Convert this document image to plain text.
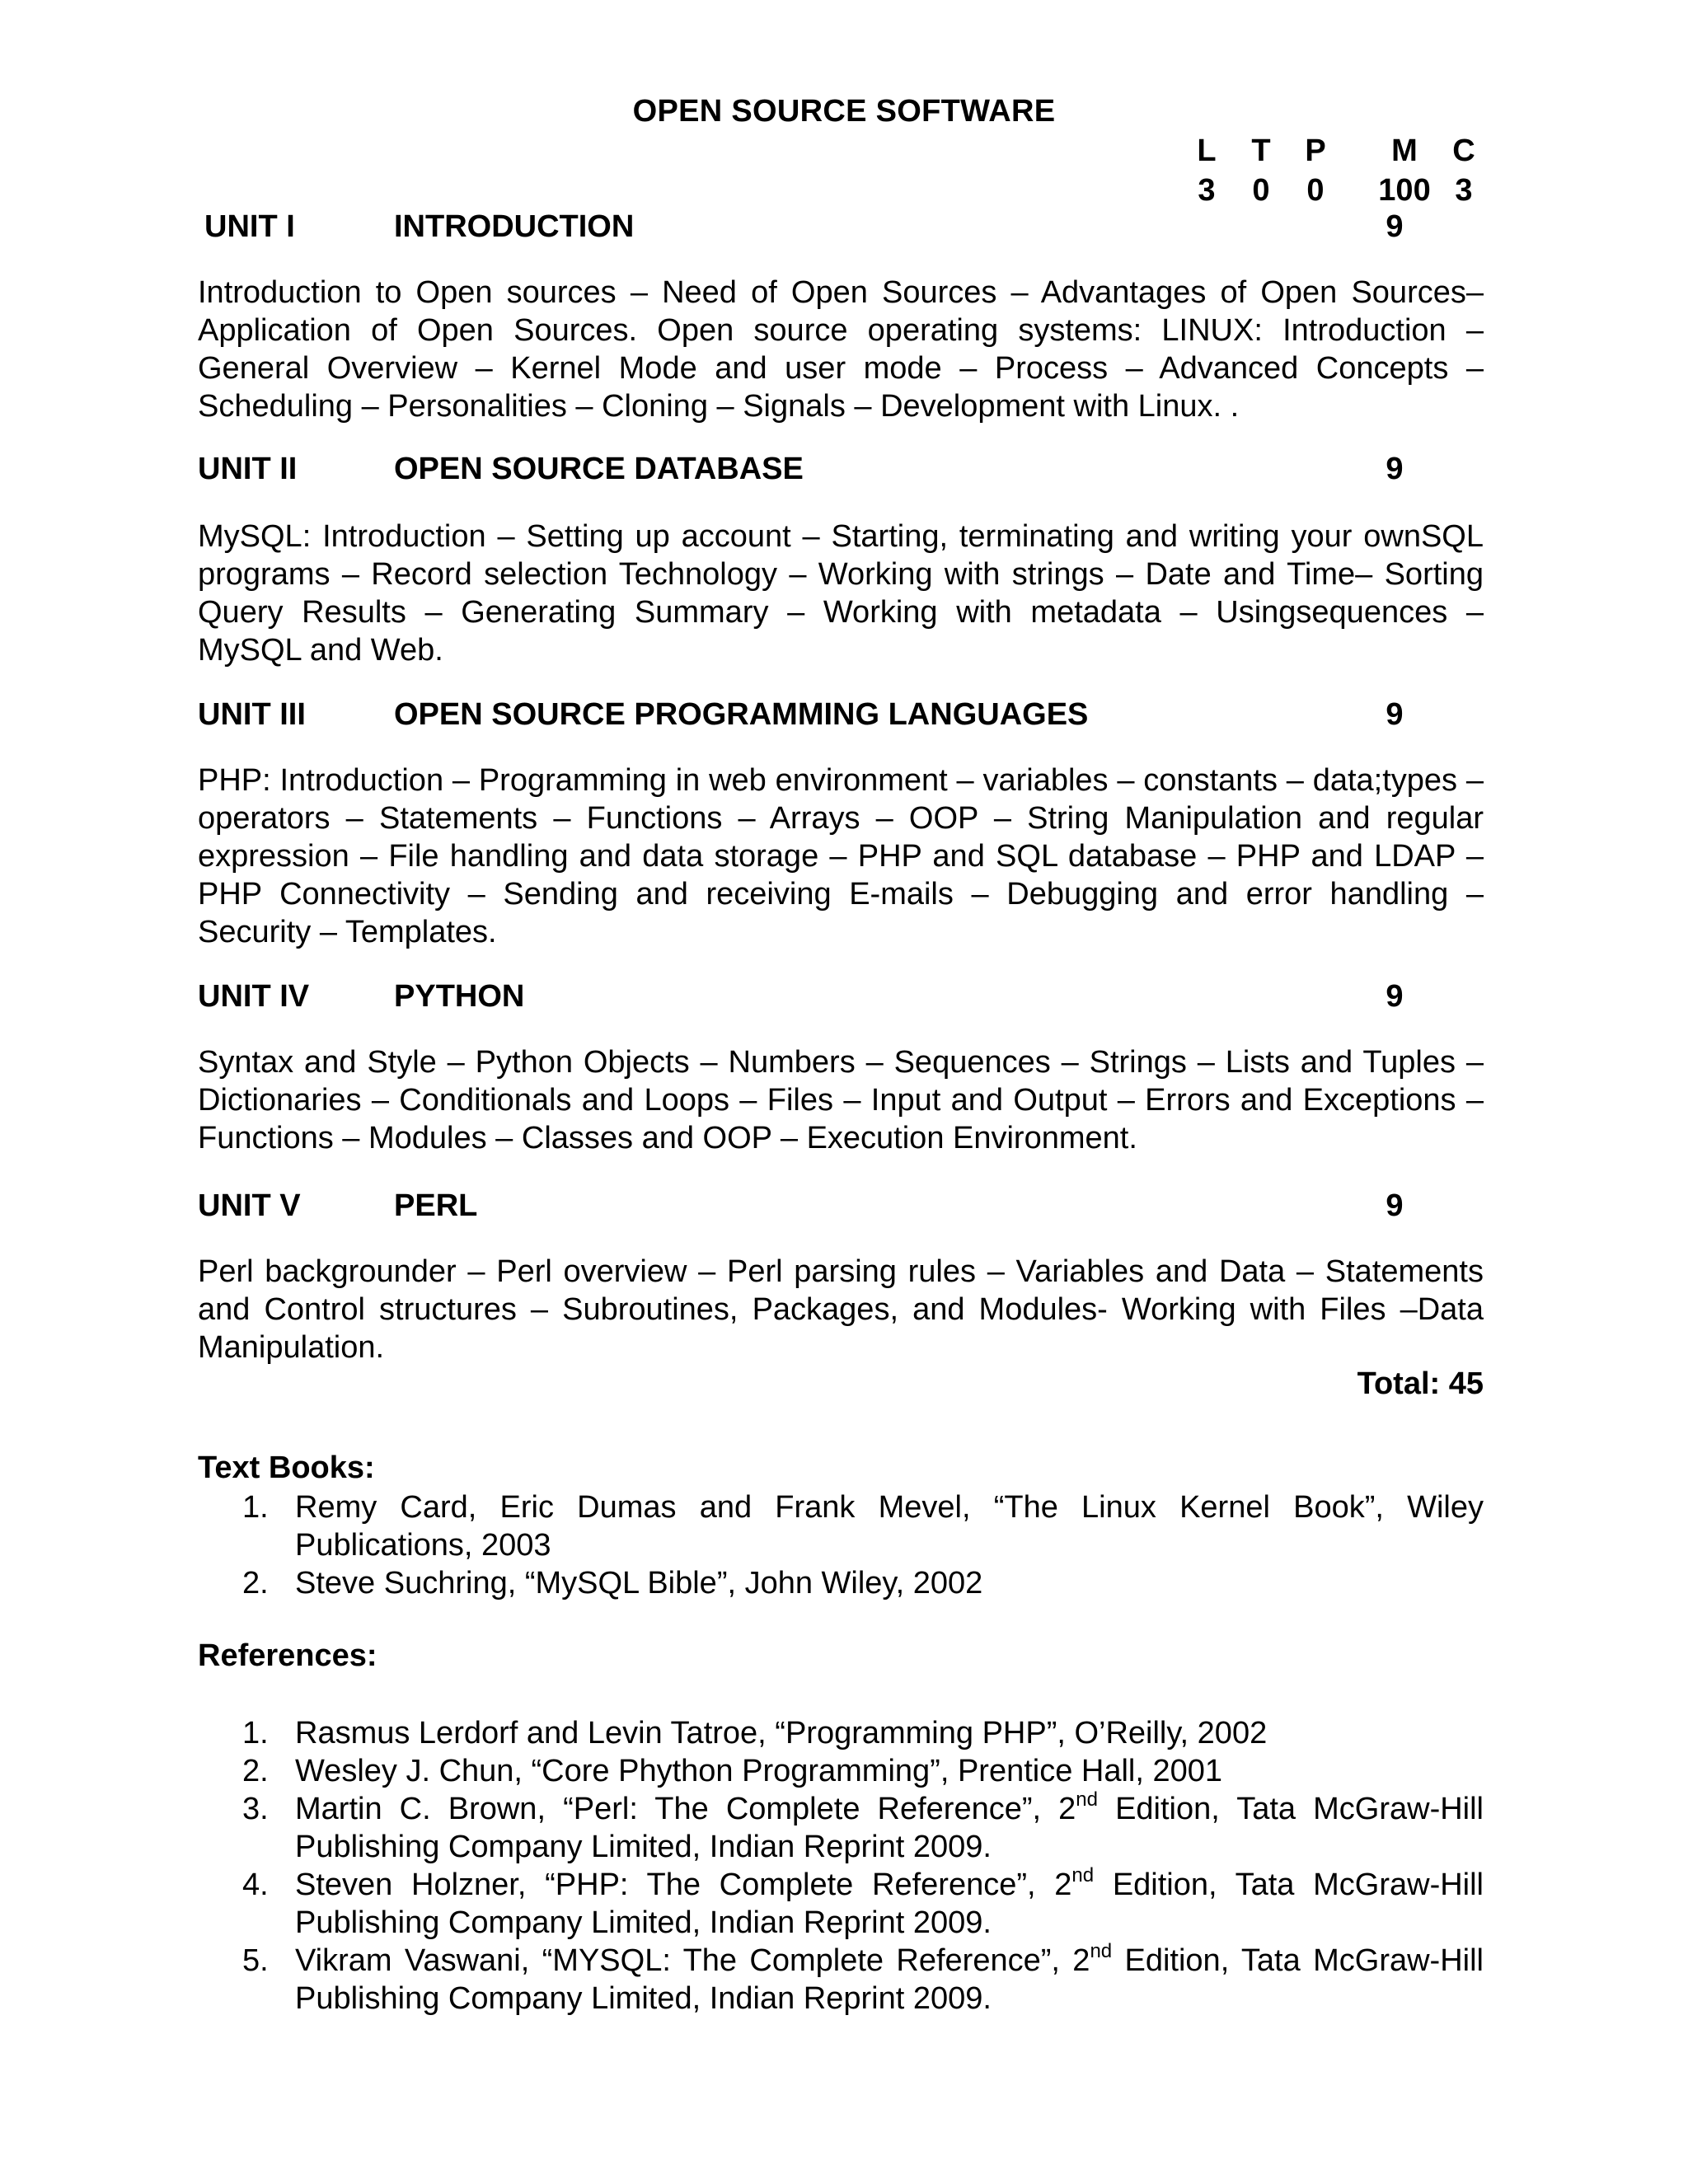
OPEN SOURCE SOFTWARE
L	T	P	M	C
3	0	0	100 3
UNIT I	INTRODUCTION	9

Introduction to Open sources – Need of Open Sources – Advantages of Open Sources– Application of Open Sources. Open source operating systems: LINUX: Introduction – General Overview – Kernel Mode and user mode – Process – Advanced Concepts – Scheduling – Personalities – Cloning – Signals – Development with Linux. .

UNIT II	OPEN SOURCE DATABASE	9

MySQL: Introduction – Setting up account – Starting, terminating and writing your ownSQL programs – Record selection Technology – Working with strings – Date and Time– Sorting Query Results – Generating Summary – Working with metadata – Usingsequences – MySQL and Web.

UNIT III	OPEN SOURCE PROGRAMMING LANGUAGES	9

PHP: Introduction – Programming in web environment – variables – constants – data;types – operators – Statements – Functions – Arrays – OOP – String Manipulation and regular expression – File handling and data storage – PHP and SQL database – PHP and LDAP – PHP Connectivity – Sending and receiving E-mails – Debugging and error handling – Security – Templates.

UNIT IV	PYTHON	9

Syntax and Style – Python Objects – Numbers – Sequences – Strings – Lists and Tuples – Dictionaries – Conditionals and Loops – Files – Input and Output – Errors and Exceptions – Functions – Modules – Classes and OOP – Execution Environment.

UNIT V	PERL	9

Perl backgrounder – Perl overview – Perl parsing rules – Variables and Data – Statements and Control structures – Subroutines, Packages, and Modules- Working with Files –Data Manipulation.

Total: 45
Text Books:
1. Remy Card, Eric Dumas and Frank Mevel, “The Linux Kernel Book”, Wiley Publications, 2003
2. Steve Suchring, “MySQL Bible”, John Wiley, 2002
References:
1. Rasmus Lerdorf and Levin Tatroe, “Programming PHP”, O’Reilly, 2002
2. Wesley J. Chun, “Core Phython Programming”, Prentice Hall, 2001
3. Martin C. Brown, “Perl: The Complete Reference”, 2nd Edition, Tata McGraw-Hill Publishing Company Limited, Indian Reprint 2009.
4. Steven Holzner, “PHP: The Complete Reference”, 2nd Edition, Tata McGraw-Hill Publishing Company Limited, Indian Reprint 2009.
5. Vikram Vaswani, “MYSQL: The Complete Reference”, 2nd Edition, Tata McGraw-Hill Publishing Company Limited, Indian Reprint 2009.
